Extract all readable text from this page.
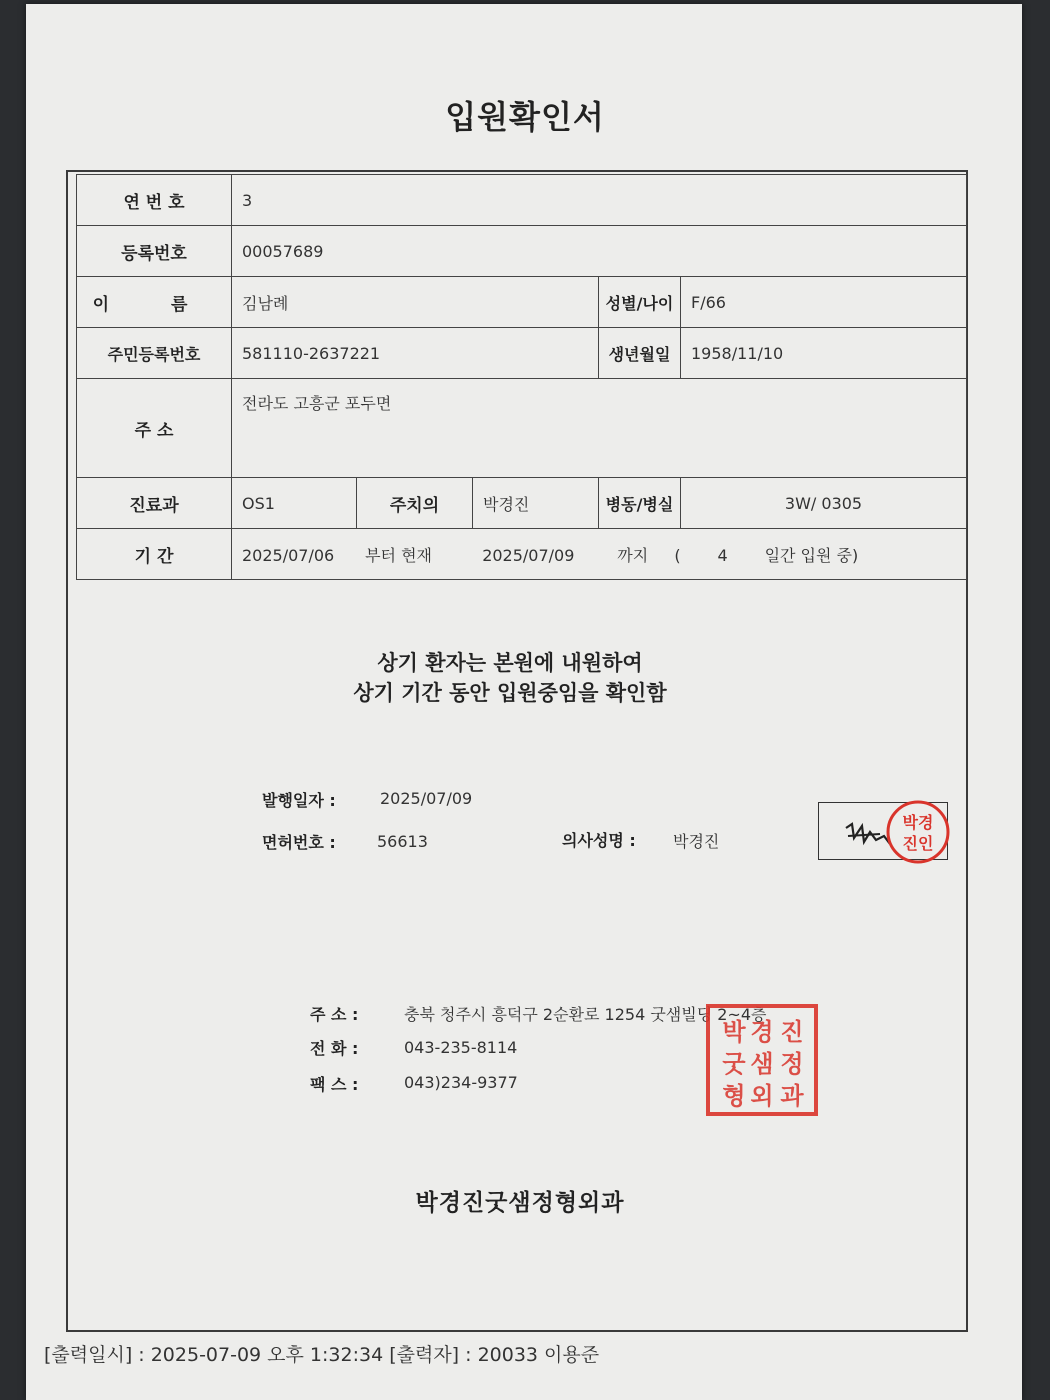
입원확인서
연 번 호	3				
등록번호	00057689				
이 름	김남례			성별/나이	F/66
주민등록번호	581110-2637221			생년월일	1958/11/10
주 소	전라도 고흥군 포두면				
진료과	OS1	주치의	박경진	병동/병실	3W/ 0305
기 간	2025/07/06 부터 현재 2025/07/09 까지 ( 4 일간 입원 중)				
상기 환자는 본원에 내원하여
상기 기간 동안 입원중임을 확인함
발행일자 :	2025/07/09
면허번호 :	56613	의사성명 : 박경진
박경
진인
주 소 :	충북 청주시 흥덕구 2순환로 1254 굿샘빌딩 2~4층
전 화 :	043-235-8114
팩 스 :	043)234-9377
박 경 진
굿 샘 정
형 외 과
박경진굿샘정형외과
[출력일시] : 2025-07-09 오후 1:32:34 [출력자] : 20033 이용준
